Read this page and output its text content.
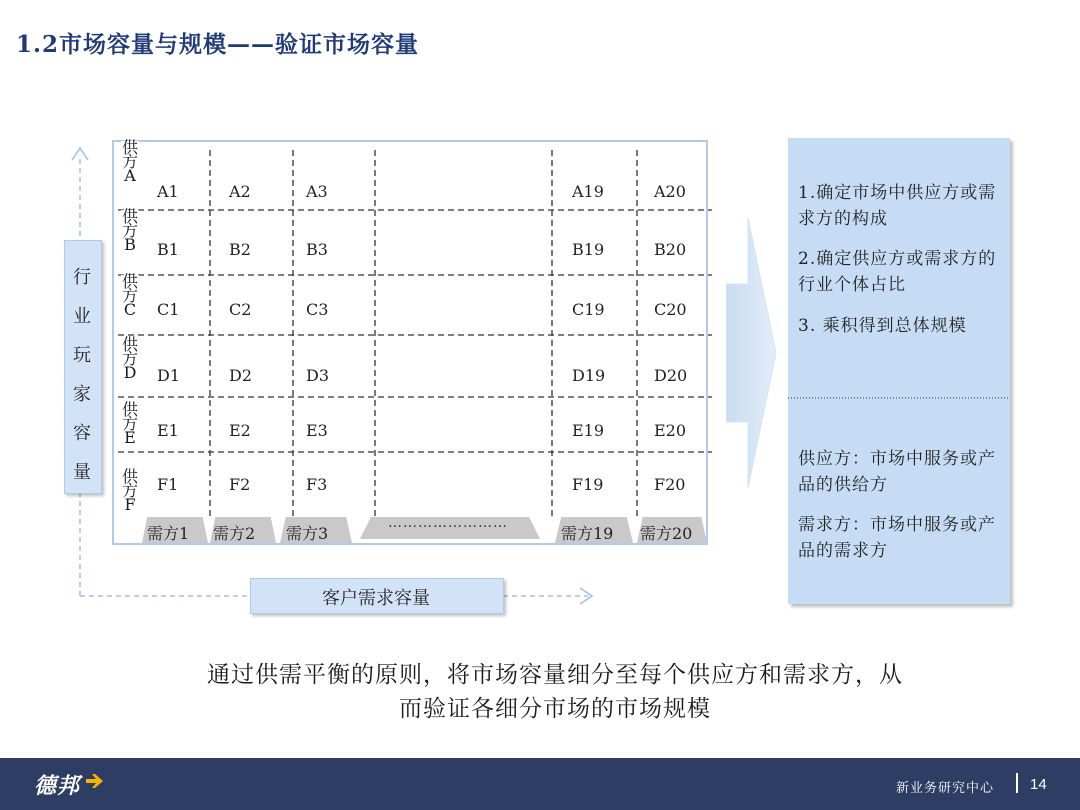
1.2市场容量与规模——验证市场容量
行
业
玩
家
容
量
客户需求容量
供
方
A
供
方
B
供
方
C
供
方
D
供
方
E
供
方
F
A1	A2	A3	A19	A20
B1	B2	B3	B19	B20
C1	C2	C3	C19	C20
D1	D2	D3	D19	D20
E1	E2	E3	E19	E20
F1	F2	F3	F19	F20
需方1 需方2 需方3
……………………
需方19 需方20
1.确定市场中供应方或需求方的构成
2.确定供应方或需求方的行业个体占比
3. 乘积得到总体规模
供应方：市场中服务或产品的供给方
需求方：市场中服务或产品的需求方
通过供需平衡的原则，将市场容量细分至每个供应方和需求方，从
而验证各细分市场的市场规模
德邦	新业务研究中心 14
